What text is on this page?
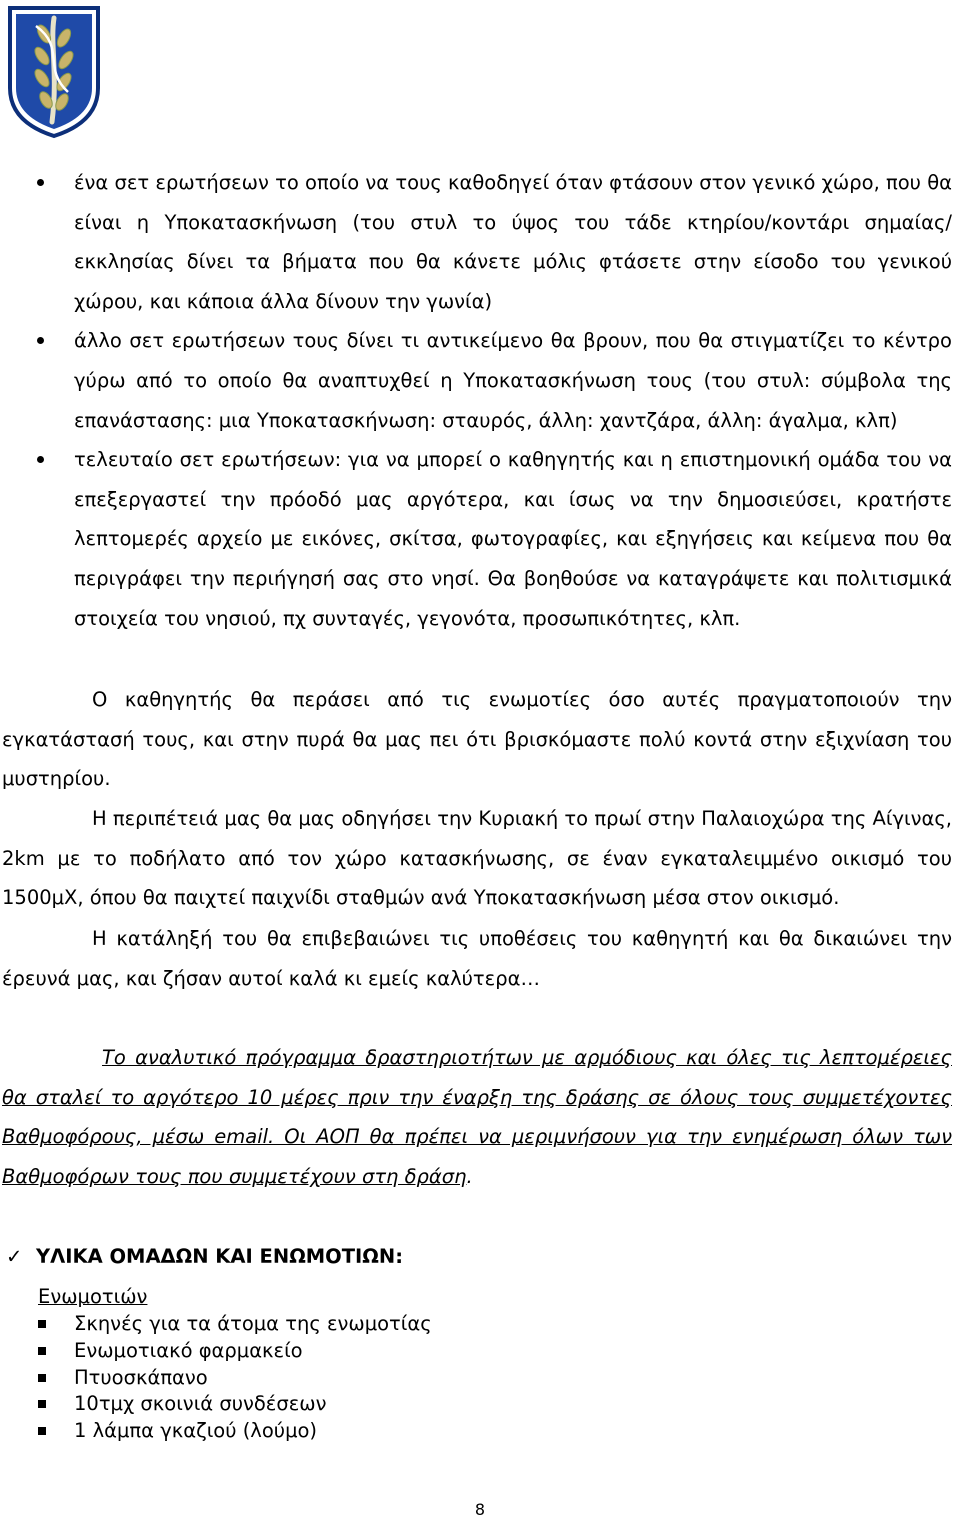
ένα σετ ερωτήσεων το οποίο να τους καθοδηγεί όταν φτάσουν στον γενικό χώρο, που θα είναι η Υποκατασκήνωση (του στυλ το ύψος του τάδε κτηρίου/κοντάρι σημαίας/εκκλησίας δίνει τα βήματα που θα κάνετε μόλις φτάσετε στην είσοδο του γενικού χώρου, και κάποια άλλα δίνουν την γωνία)
άλλο σετ ερωτήσεων τους δίνει τι αντικείμενο θα βρουν, που θα στιγματίζει το κέντρο γύρω από το οποίο θα αναπτυχθεί η Υποκατασκήνωση τους (του στυλ: σύμβολα της επανάστασης: μια Υποκατασκήνωση: σταυρός, άλλη: χαντζάρα, άλλη: άγαλμα, κλπ)
τελευταίο σετ ερωτήσεων: για να μπορεί ο καθηγητής και η επιστημονική ομάδα του να επεξεργαστεί την πρόοδό μας αργότερα, και ίσως να την δημοσιεύσει, κρατήστε λεπτομερές αρχείο με εικόνες, σκίτσα, φωτογραφίες, και εξηγήσεις και κείμενα που θα περιγράφει την περιήγησή σας στο νησί. Θα βοηθούσε να καταγράψετε και πολιτισμικά στοιχεία του νησιού, πχ συνταγές, γεγονότα, προσωπικότητες, κλπ.

Ο καθηγητής θα περάσει από τις ενωμοτίες όσο αυτές πραγματοποιούν την εγκατάστασή τους, και στην πυρά θα μας πει ότι βρισκόμαστε πολύ κοντά στην εξιχνίαση του μυστηρίου.

Η περιπέτειά μας θα μας οδηγήσει την Κυριακή το πρωί στην Παλαιοχώρα της Αίγινας, 2km με το ποδήλατο από τον χώρο κατασκήνωσης, σε έναν εγκαταλειμμένο οικισμό του 1500μΧ, όπου θα παιχτεί παιχνίδι σταθμών ανά Υποκατασκήνωση μέσα στον οικισμό.

Η κατάληξή του θα επιβεβαιώνει τις υποθέσεις του καθηγητή και θα δικαιώνει την έρευνά μας, και ζήσαν αυτοί καλά κι εμείς καλύτερα…

Το αναλυτικό πρόγραμμα δραστηριοτήτων με αρμόδιους και όλες τις λεπτομέρειες θα σταλεί το αργότερο 10 μέρες πριν την έναρξη της δράσης σε όλους τους συμμετέχοντες Βαθμοφόρους, μέσω email. Οι ΑΟΠ θα πρέπει να μεριμνήσουν για την ενημέρωση όλων των Βαθμοφόρων τους που συμμετέχουν στη δράση.

✓ ΥΛΙΚΑ ΟΜΑΔΩΝ ΚΑΙ ΕΝΩΜΟΤΙΩΝ:
Ενωμοτιών
Σκηνές για τα άτομα της ενωμοτίας
Ενωμοτιακό φαρμακείο
Πτυοσκάπανο
10τμχ σκοινιά συνδέσεων
1 λάμπα γκαζιού (λούμο)
8
